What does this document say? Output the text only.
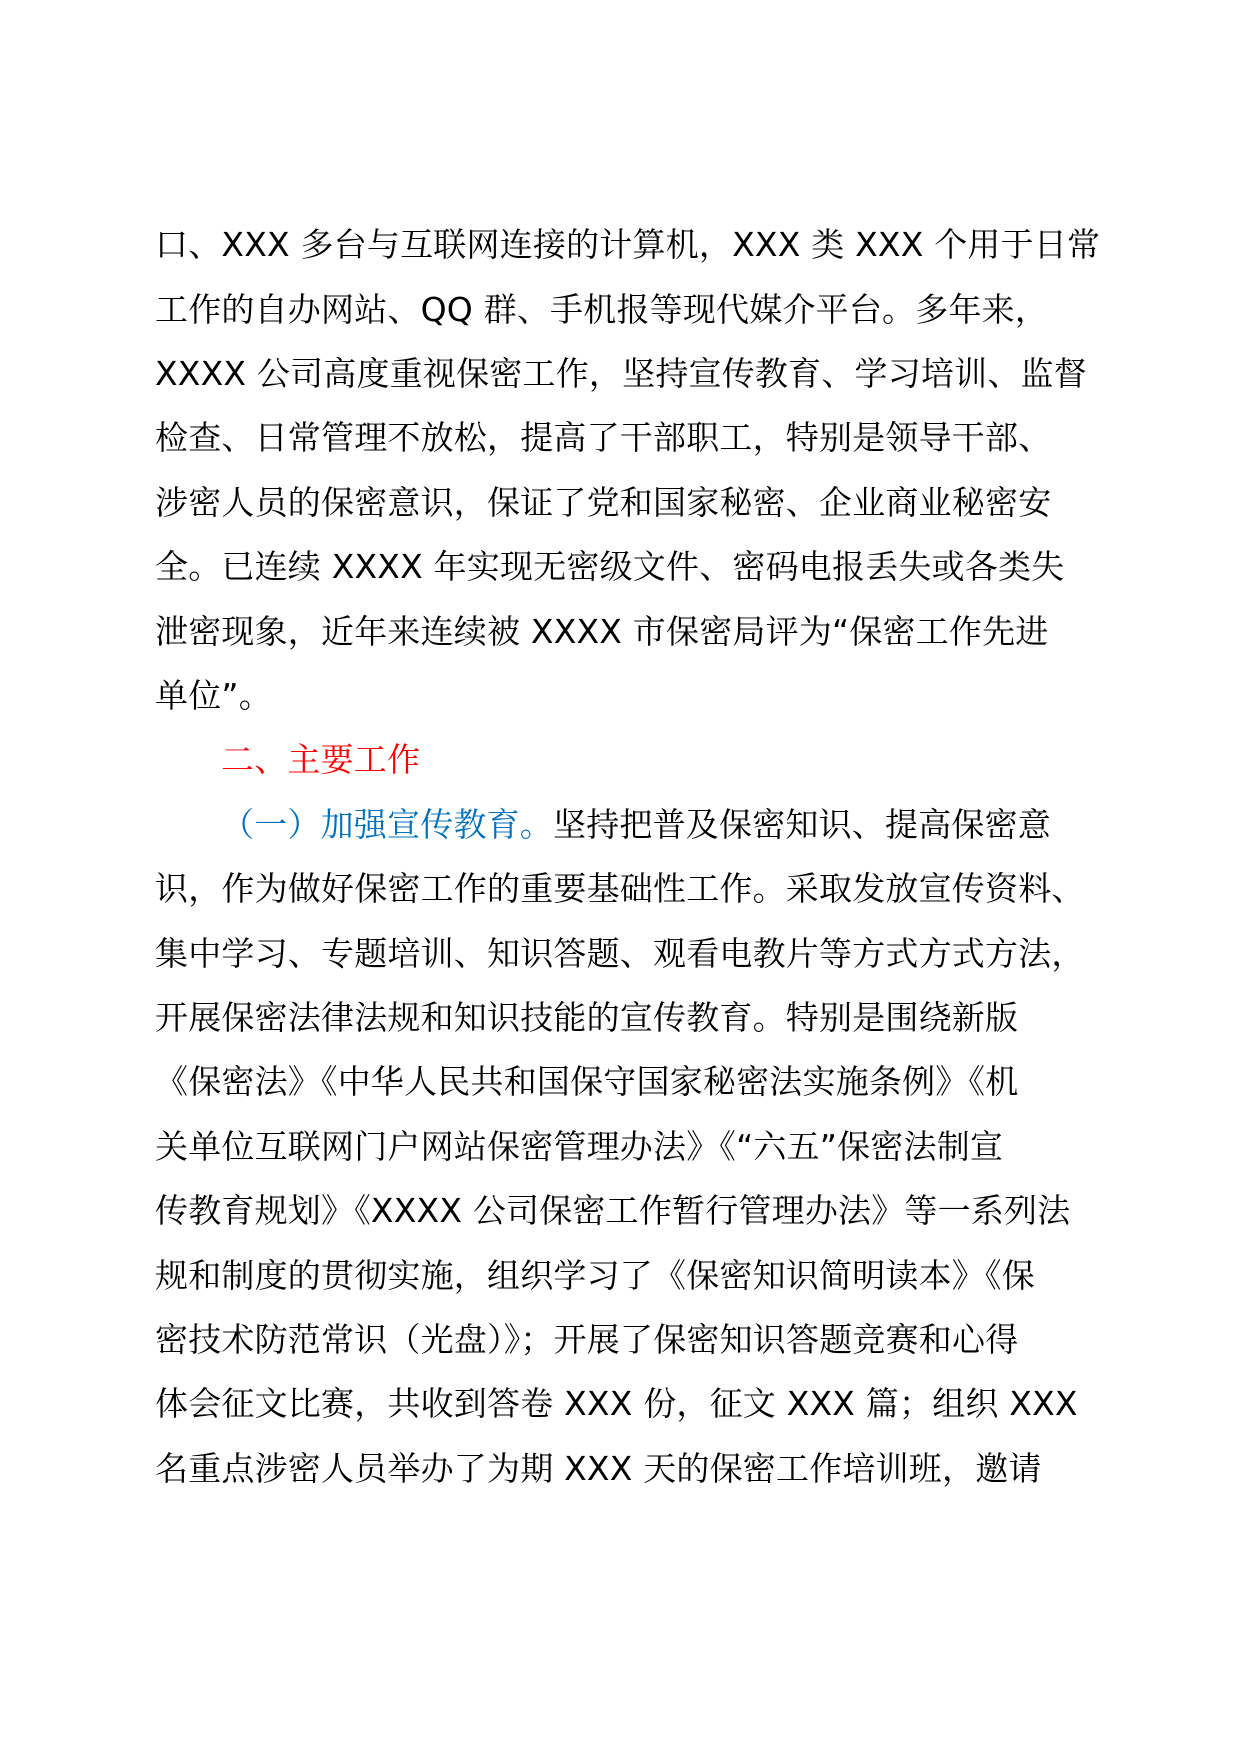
口、XXX 多台与互联网连接的计算机，XXX 类 XXX 个用于日常
工作的自办网站、QQ 群、手机报等现代媒介平台。多年来，
XXXX 公司高度重视保密工作，坚持宣传教育、学习培训、监督
检查、日常管理不放松，提高了干部职工，特别是领导干部、
涉密人员的保密意识，保证了党和国家秘密、企业商业秘密安
全。已连续 XXXX 年实现无密级文件、密码电报丢失或各类失
泄密现象，近年来连续被 XXXX 市保密局评为“保密工作先进
单位”。
二、主要工作
（一）加强宣传教育。坚持把普及保密知识、提高保密意
识，作为做好保密工作的重要基础性工作。采取发放宣传资料、
集中学习、专题培训、知识答题、观看电教片等方式方式方法，
开展保密法律法规和知识技能的宣传教育。特别是围绕新版
《保密法》《中华人民共和国保守国家秘密法实施条例》《机
关单位互联网门户网站保密管理办法》《“六五”保密法制宣
传教育规划》《XXXX 公司保密工作暂行管理办法》等一系列法
规和制度的贯彻实施，组织学习了《保密知识简明读本》《保
密技术防范常识（光盘）》；开展了保密知识答题竞赛和心得
体会征文比赛，共收到答卷 XXX 份，征文 XXX 篇；组织 XXX
名重点涉密人员举办了为期 XXX 天的保密工作培训班，邀请
